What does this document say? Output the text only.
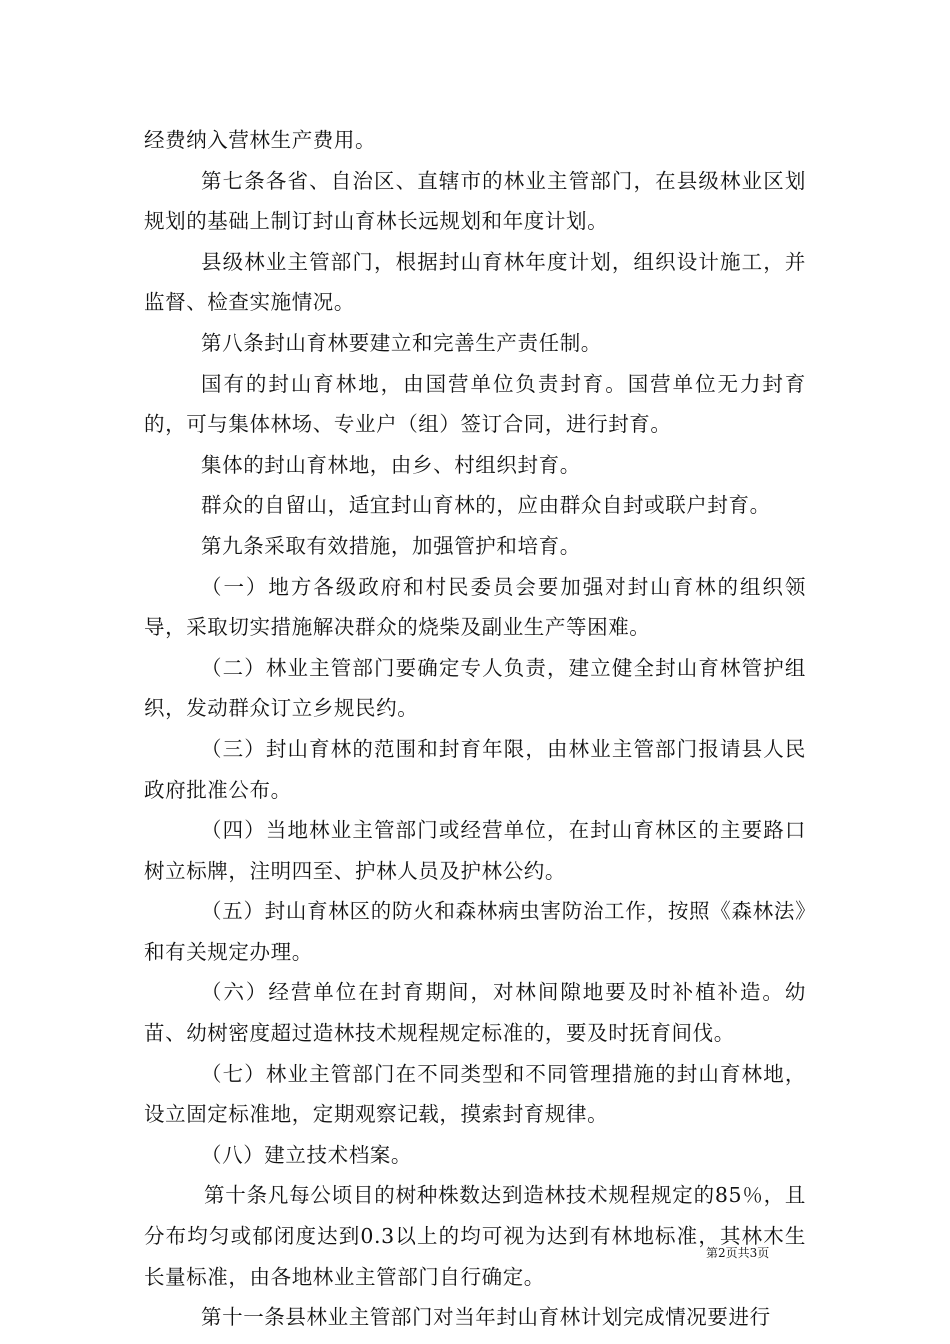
经费纳入营林生产费用。

第七条各省、自治区、直辖市的林业主管部门，在县级林业区划规划的基础上制订封山育林长远规划和年度计划。

县级林业主管部门，根据封山育林年度计划，组织设计施工，并监督、检查实施情况。

第八条封山育林要建立和完善生产责任制。

国有的封山育林地，由国营单位负责封育。国营单位无力封育的，可与集体林场、专业户（组）签订合同，进行封育。

集体的封山育林地，由乡、村组织封育。

群众的自留山，适宜封山育林的，应由群众自封或联户封育。

第九条采取有效措施，加强管护和培育。

（一）地方各级政府和村民委员会要加强对封山育林的组织领导，采取切实措施解决群众的烧柴及副业生产等困难。

（二）林业主管部门要确定专人负责，建立健全封山育林管护组织，发动群众订立乡规民约。

（三）封山育林的范围和封育年限，由林业主管部门报请县人民政府批准公布。

（四）当地林业主管部门或经营单位，在封山育林区的主要路口树立标牌，注明四至、护林人员及护林公约。

（五）封山育林区的防火和森林病虫害防治工作，按照《森林法》和有关规定办理。

（六）经营单位在封育期间，对林间隙地要及时补植补造。幼苗、幼树密度超过造林技术规程规定标准的，要及时抚育间伐。

（七）林业主管部门在不同类型和不同管理措施的封山育林地，设立固定标准地，定期观察记载，摸索封育规律。

（八）建立技术档案。

第十条凡每公顷目的树种株数达到造林技术规程规定的85％，且分布均匀或郁闭度达到0.3以上的均可视为达到有林地标准，其林木生长量标准，由各地林业主管部门自行确定。

第十一条县林业主管部门对当年封山育林计划完成情况要进行

第2页共3页
